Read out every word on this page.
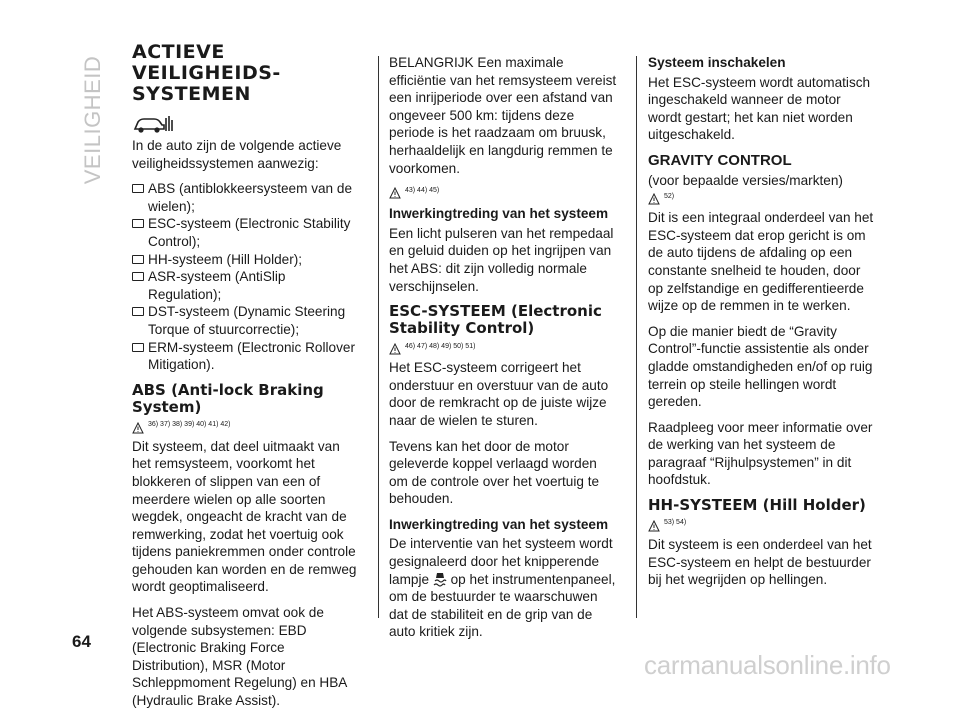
VEILIGHEID
ACTIEVE VEILIGHEIDS-SYSTEMEN

In de auto zijn de volgende actieve veiligheidssystemen aanwezig:

ABS (antiblokkeersysteem van de wielen);
ESC-systeem (Electronic Stability Control);
HH-systeem (Hill Holder);
ASR-systeem (AntiSlip Regulation);
DST-systeem (Dynamic Steering Torque of stuurcorrectie);
ERM-systeem (Electronic Rollover Mitigation).
ABS (Anti-lock Braking System)
36) 37) 38) 39) 40) 41) 42)

Dit systeem, dat deel uitmaakt van het remsysteem, voorkomt het blokkeren of slippen van een of meerdere wielen op alle soorten wegdek, ongeacht de kracht van de remwerking, zodat het voertuig ook tijdens paniekremmen onder controle gehouden kan worden en de remweg wordt geoptimaliseerd.

Het ABS-systeem omvat ook de volgende subsystemen: EBD (Electronic Braking Force Distribution), MSR (Motor Schleppmoment Regelung) en HBA (Hydraulic Brake Assist).

BELANGRIJK Een maximale efficiëntie van het remsysteem vereist een inrijperiode over een afstand van ongeveer 500 km: tijdens deze periode is het raadzaam om bruusk, herhaaldelijk en langdurig remmen te voorkomen.

43) 44) 45)
Inwerkingtreding van het systeem

Een licht pulseren van het rempedaal en geluid duiden op het ingrijpen van het ABS: dit zijn volledig normale verschijnselen.

ESC-SYSTEEM (Electronic Stability Control)
46) 47) 48) 49) 50) 51)

Het ESC-systeem corrigeert het onderstuur en overstuur van de auto door de remkracht op de juiste wijze naar de wielen te sturen.

Tevens kan het door de motor geleverde koppel verlaagd worden om de controle over het voertuig te behouden.

Inwerkingtreding van het systeem

De interventie van het systeem wordt gesignaleerd door het knipperende lampje op het instrumentenpaneel, om de bestuurder te waarschuwen dat de stabiliteit en de grip van de auto kritiek zijn.

Systeem inschakelen

Het ESC-systeem wordt automatisch ingeschakeld wanneer de motor wordt gestart; het kan niet worden uitgeschakeld.

GRAVITY CONTROL

(voor bepaalde versies/markten)

52)

Dit is een integraal onderdeel van het ESC-systeem dat erop gericht is om de auto tijdens de afdaling op een constante snelheid te houden, door op zelfstandige en gedifferentieerde wijze op de remmen in te werken.

Op die manier biedt de “Gravity Control”-functie assistentie als onder gladde omstandigheden en/of op ruig terrein op steile hellingen wordt gereden.

Raadpleeg voor meer informatie over de werking van het systeem de paragraaf “Rijhulpsystemen” in dit hoofdstuk.

HH-SYSTEEM (Hill Holder)
53) 54)

Dit systeem is een onderdeel van het ESC-systeem en helpt de bestuurder bij het wegrijden op hellingen.

64
carmanualsonline.info
